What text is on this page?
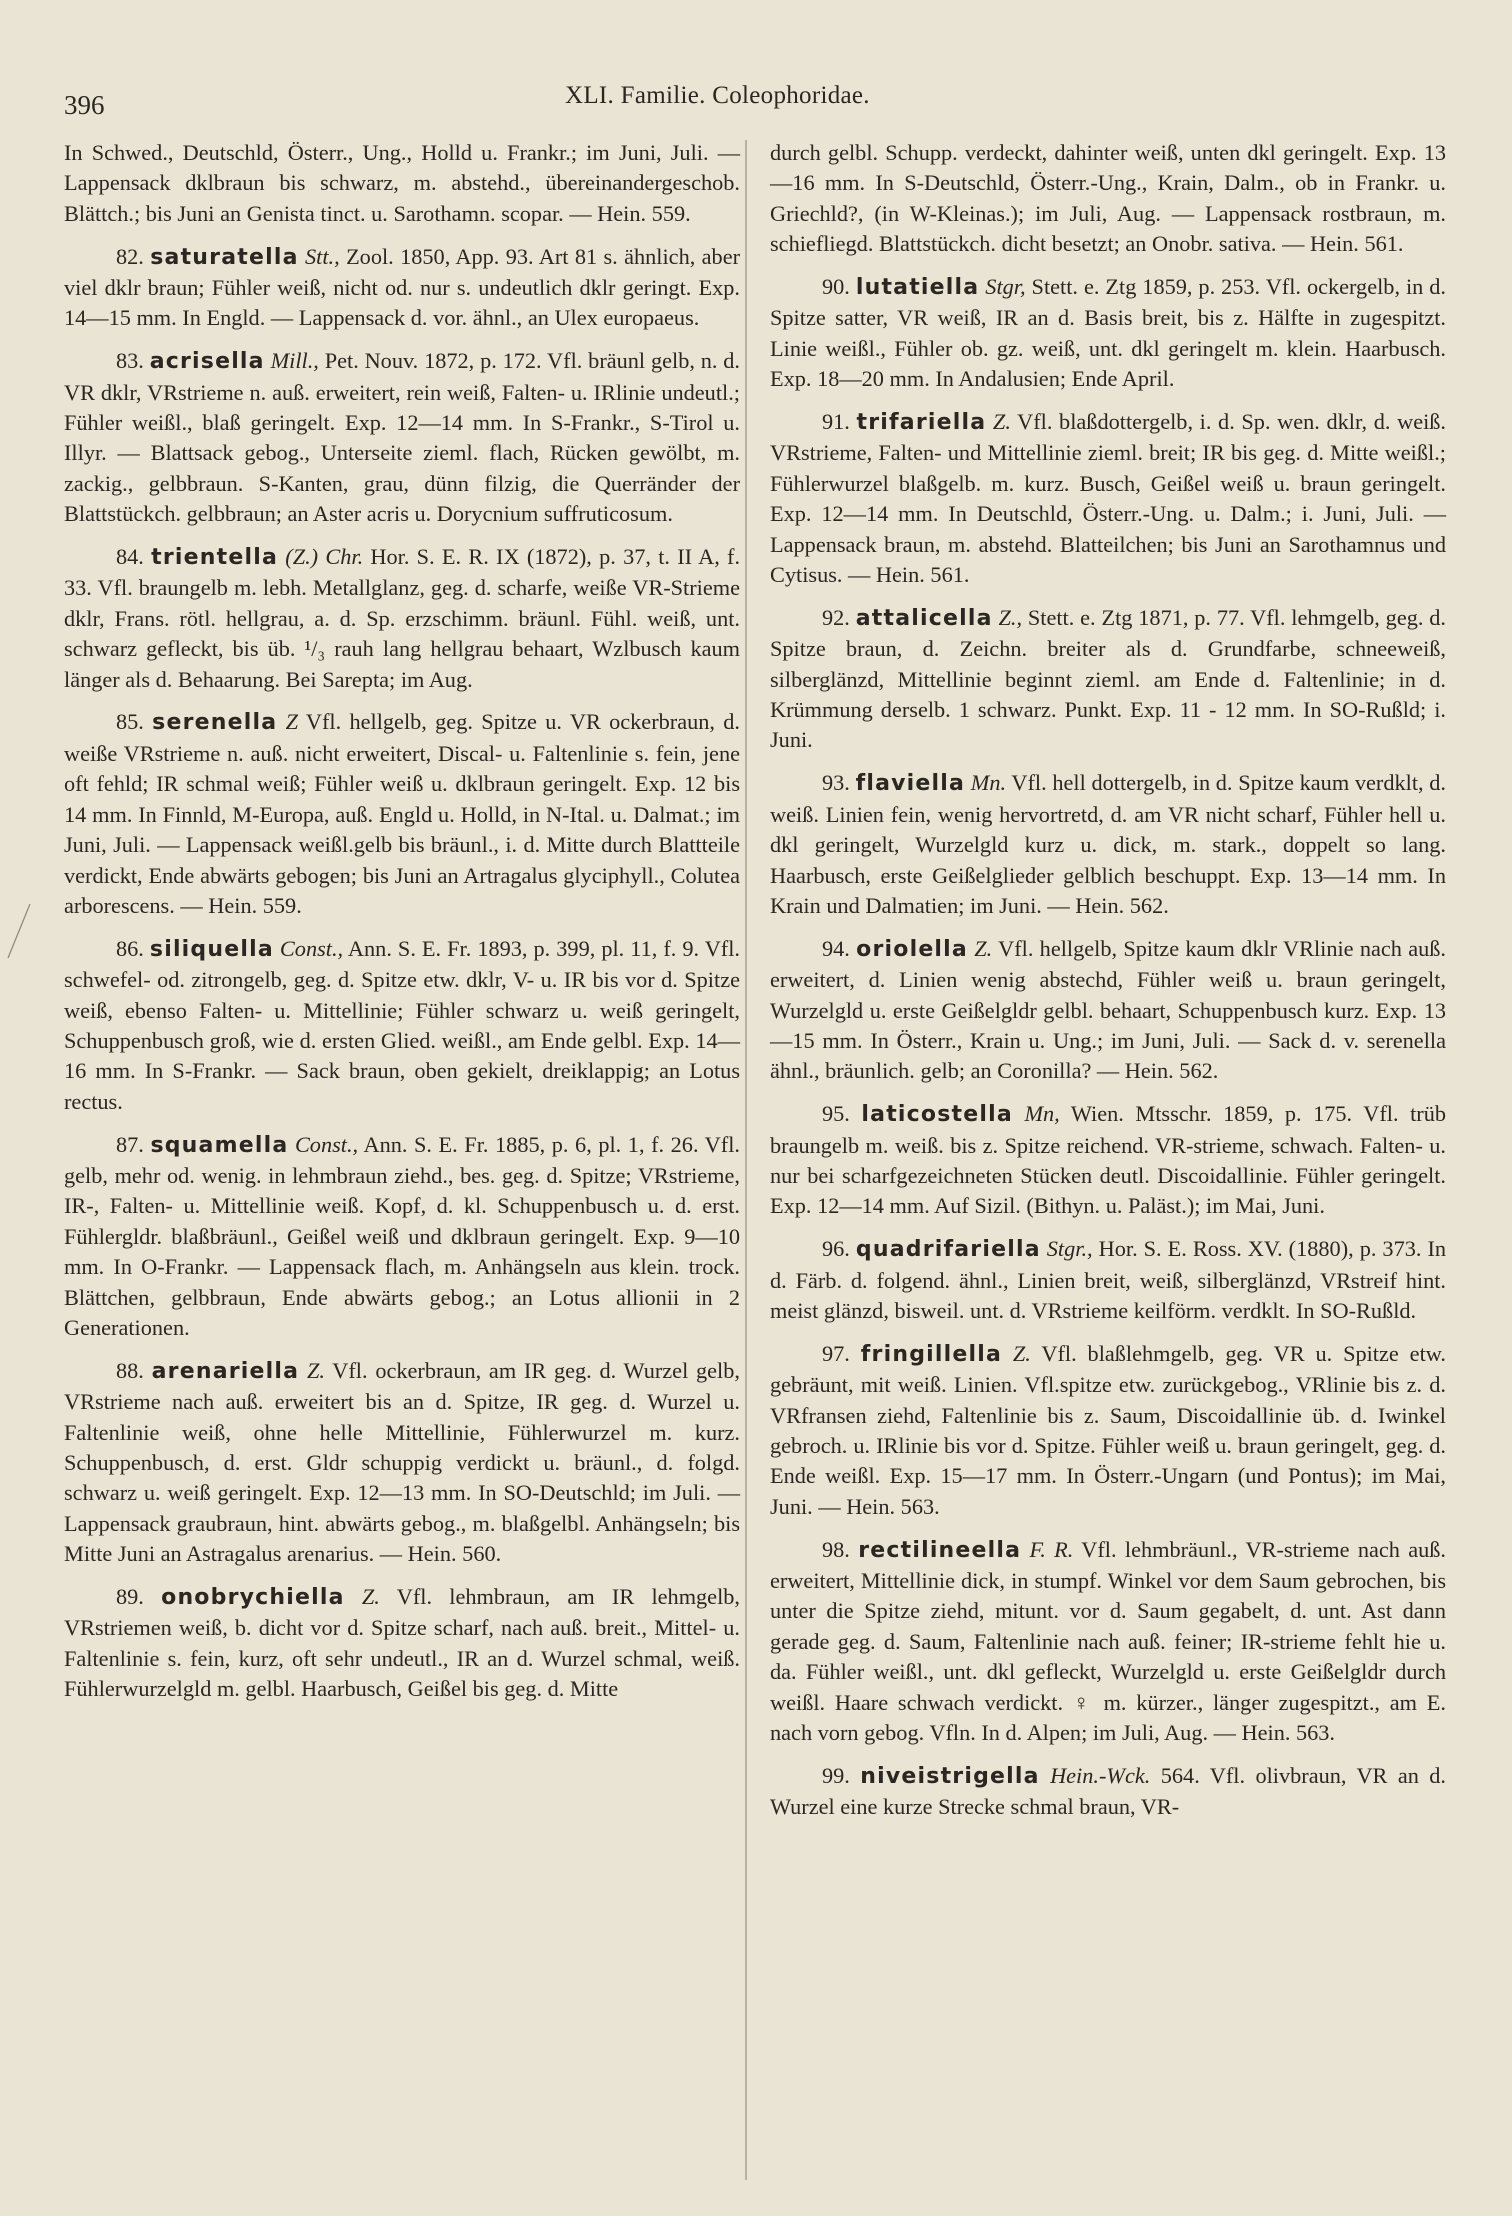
396	XLI. Familie. Coleophoridae.

In Schwed., Deutschld, Österr., Ung., Holld u. Frankr.; im Juni, Juli. — Lappensack dklbraun bis schwarz, m. abstehd., übereinandergeschob. Blättch.; bis Juni an Genista tinct. u. Sarothamn. scopar. — Hein. 559.

82. saturatella Stt., Zool. 1850, App. 93. Art 81 s. ähnlich, aber viel dklr braun; Fühler weiß, nicht od. nur s. undeutlich dklr geringt. Exp. 14—15 mm. In Engld. — Lappensack d. vor. ähnl., an Ulex europaeus.

83. acrisella Mill., Pet. Nouv. 1872, p. 172. Vfl. bräunl gelb, n. d. VR dklr, VRstrieme n. auß. erweitert, rein weiß, Falten- u. IRlinie undeutl.; Fühler weißl., blaß geringelt. Exp. 12—14 mm. In S-Frankr., S-Tirol u. Illyr. — Blattsack gebog., Unterseite zieml. flach, Rücken gewölbt, m. zackig., gelbbraun. S-Kanten, grau, dünn filzig, die Querränder der Blattstückch. gelbbraun; an Aster acris u. Dorycnium suffruticosum.

84. trientella (Z.) Chr. Hor. S. E. R. IX (1872), p. 37, t. II A, f. 33. Vfl. braungelb m. lebh. Metallglanz, geg. d. scharfe, weiße VR-Strieme dklr, Frans. rötl. hellgrau, a. d. Sp. erzschimm. bräunl. Fühl. weiß, unt. schwarz gefleckt, bis üb. ¹/₃ rauh lang hellgrau behaart, Wzlbusch kaum länger als d. Behaarung. Bei Sarepta; im Aug.

85. serenella Z Vfl. hellgelb, geg. Spitze u. VR ockerbraun, d. weiße VRstrieme n. auß. nicht erweitert, Discal- u. Faltenlinie s. fein, jene oft fehld; IR schmal weiß; Fühler weiß u. dklbraun geringelt. Exp. 12 bis 14 mm. In Finnld, M-Europa, auß. Engld u. Holld, in N-Ital. u. Dalmat.; im Juni, Juli. — Lappensack weißl.gelb bis bräunl., i. d. Mitte durch Blattteile verdickt, Ende abwärts gebogen; bis Juni an Artragalus glyciphyll., Colutea arborescens. — Hein. 559.

86. siliquella Const., Ann. S. E. Fr. 1893, p. 399, pl. 11, f. 9. Vfl. schwefel- od. zitrongelb, geg. d. Spitze etw. dklr, V- u. IR bis vor d. Spitze weiß, ebenso Falten- u. Mittellinie; Fühler schwarz u. weiß geringelt, Schuppenbusch groß, wie d. ersten Glied. weißl., am Ende gelbl. Exp. 14—16 mm. In S-Frankr. — Sack braun, oben gekielt, dreiklappig; an Lotus rectus.

87. squamella Const., Ann. S. E. Fr. 1885, p. 6, pl. 1, f. 26. Vfl. gelb, mehr od. wenig. in lehmbraun ziehd., bes. geg. d. Spitze; VRstrieme, IR-, Falten- u. Mittellinie weiß. Kopf, d. kl. Schuppenbusch u. d. erst. Fühlergldr. blaßbräunl., Geißel weiß und dklbraun geringelt. Exp. 9—10 mm. In O-Frankr. — Lappensack flach, m. Anhängseln aus klein. trock. Blättchen, gelbbraun, Ende abwärts gebog.; an Lotus allionii in 2 Generationen.

88. arenariella Z. Vfl. ockerbraun, am IR geg. d. Wurzel gelb, VRstrieme nach auß. erweitert bis an d. Spitze, IR geg. d. Wurzel u. Faltenlinie weiß, ohne helle Mittellinie, Fühlerwurzel m. kurz. Schuppenbusch, d. erst. Gldr schuppig verdickt u. bräunl., d. folgd. schwarz u. weiß geringelt. Exp. 12—13 mm. In SO-Deutschld; im Juli. — Lappensack graubraun, hint. abwärts gebog., m. blaßgelbl. Anhängseln; bis Mitte Juni an Astragalus arenarius. — Hein. 560.

89. onobrychiella Z. Vfl. lehmbraun, am IR lehmgelb, VRstriemen weiß, b. dicht vor d. Spitze scharf, nach auß. breit., Mittel- u. Faltenlinie s. fein, kurz, oft sehr undeutl., IR an d. Wurzel schmal, weiß. Fühlerwurzelgld m. gelbl. Haarbusch, Geißel bis geg. d. Mitte

durch gelbl. Schupp. verdeckt, dahinter weiß, unten dkl geringelt. Exp. 13—16 mm. In S-Deutschld, Österr.-Ung., Krain, Dalm., ob in Frankr. u. Griechld?, (in W-Kleinas.); im Juli, Aug. — Lappensack rostbraun, m. schiefliegd. Blattstückch. dicht besetzt; an Onobr. sativa. — Hein. 561.

90. lutatiella Stgr, Stett. e. Ztg 1859, p. 253. Vfl. ockergelb, in d. Spitze satter, VR weiß, IR an d. Basis breit, bis z. Hälfte in zugespitzt. Linie weißl., Fühler ob. gz. weiß, unt. dkl geringelt m. klein. Haarbusch. Exp. 18—20 mm. In Andalusien; Ende April.

91. trifariella Z. Vfl. blaßdottergelb, i. d. Sp. wen. dklr, d. weiß. VRstrieme, Falten- und Mittellinie zieml. breit; IR bis geg. d. Mitte weißl.; Fühlerwurzel blaßgelb. m. kurz. Busch, Geißel weiß u. braun geringelt. Exp. 12—14 mm. In Deutschld, Österr.-Ung. u. Dalm.; i. Juni, Juli. — Lappensack braun, m. abstehd. Blatteilchen; bis Juni an Sarothamnus und Cytisus. — Hein. 561.

92. attalicella Z., Stett. e. Ztg 1871, p. 77. Vfl. lehmgelb, geg. d. Spitze braun, d. Zeichn. breiter als d. Grundfarbe, schneeweiß, silberglänzd, Mittellinie beginnt zieml. am Ende d. Faltenlinie; in d. Krümmung derselb. 1 schwarz. Punkt. Exp. 11 - 12 mm. In SO-Rußld; i. Juni.

93. flaviella Mn. Vfl. hell dottergelb, in d. Spitze kaum verdklt, d. weiß. Linien fein, wenig hervortretd, d. am VR nicht scharf, Fühler hell u. dkl geringelt, Wurzelgld kurz u. dick, m. stark., doppelt so lang. Haarbusch, erste Geißelglieder gelblich beschuppt. Exp. 13—14 mm. In Krain und Dalmatien; im Juni. — Hein. 562.

94. oriolella Z. Vfl. hellgelb, Spitze kaum dklr VRlinie nach auß. erweitert, d. Linien wenig abstechd, Fühler weiß u. braun geringelt, Wurzelgld u. erste Geißelgldr gelbl. behaart, Schuppenbusch kurz. Exp. 13—15 mm. In Österr., Krain u. Ung.; im Juni, Juli. — Sack d. v. serenella ähnl., bräunlich. gelb; an Coronilla? — Hein. 562.

95. laticostella Mn, Wien. Mtsschr. 1859, p. 175. Vfl. trüb braungelb m. weiß. bis z. Spitze reichend. VR-strieme, schwach. Falten- u. nur bei scharfgezeichneten Stücken deutl. Discoidallinie. Fühler geringelt. Exp. 12—14 mm. Auf Sizil. (Bithyn. u. Paläst.); im Mai, Juni.

96. quadrifariella Stgr., Hor. S. E. Ross. XV. (1880), p. 373. In d. Färb. d. folgend. ähnl., Linien breit, weiß, silberglänzd, VRstreif hint. meist glänzd, bisweil. unt. d. VRstrieme keilförm. verdklt. In SO-Rußld.

97. fringillella Z. Vfl. blaßlehmgelb, geg. VR u. Spitze etw. gebräunt, mit weiß. Linien. Vfl.spitze etw. zurückgebog., VRlinie bis z. d. VRfransen ziehd, Faltenlinie bis z. Saum, Discoidallinie üb. d. Iwinkel gebroch. u. IRlinie bis vor d. Spitze. Fühler weiß u. braun geringelt, geg. d. Ende weißl. Exp. 15—17 mm. In Österr.-Ungarn (und Pontus); im Mai, Juni. — Hein. 563.

98. rectilineella F. R. Vfl. lehmbräunl., VR-strieme nach auß. erweitert, Mittellinie dick, in stumpf. Winkel vor dem Saum gebrochen, bis unter die Spitze ziehd, mitunt. vor d. Saum gegabelt, d. unt. Ast dann gerade geg. d. Saum, Faltenlinie nach auß. feiner; IR-strieme fehlt hie u. da. Fühler weißl., unt. dkl gefleckt, Wurzelgld u. erste Geißelgldr durch weißl. Haare schwach verdickt. ♀ m. kürzer., länger zugespitzt., am E. nach vorn gebog. Vfln. In d. Alpen; im Juli, Aug. — Hein. 563.

99. niveistrigella Hein.-Wck. 564. Vfl. olivbraun, VR an d. Wurzel eine kurze Strecke schmal braun, VR-
